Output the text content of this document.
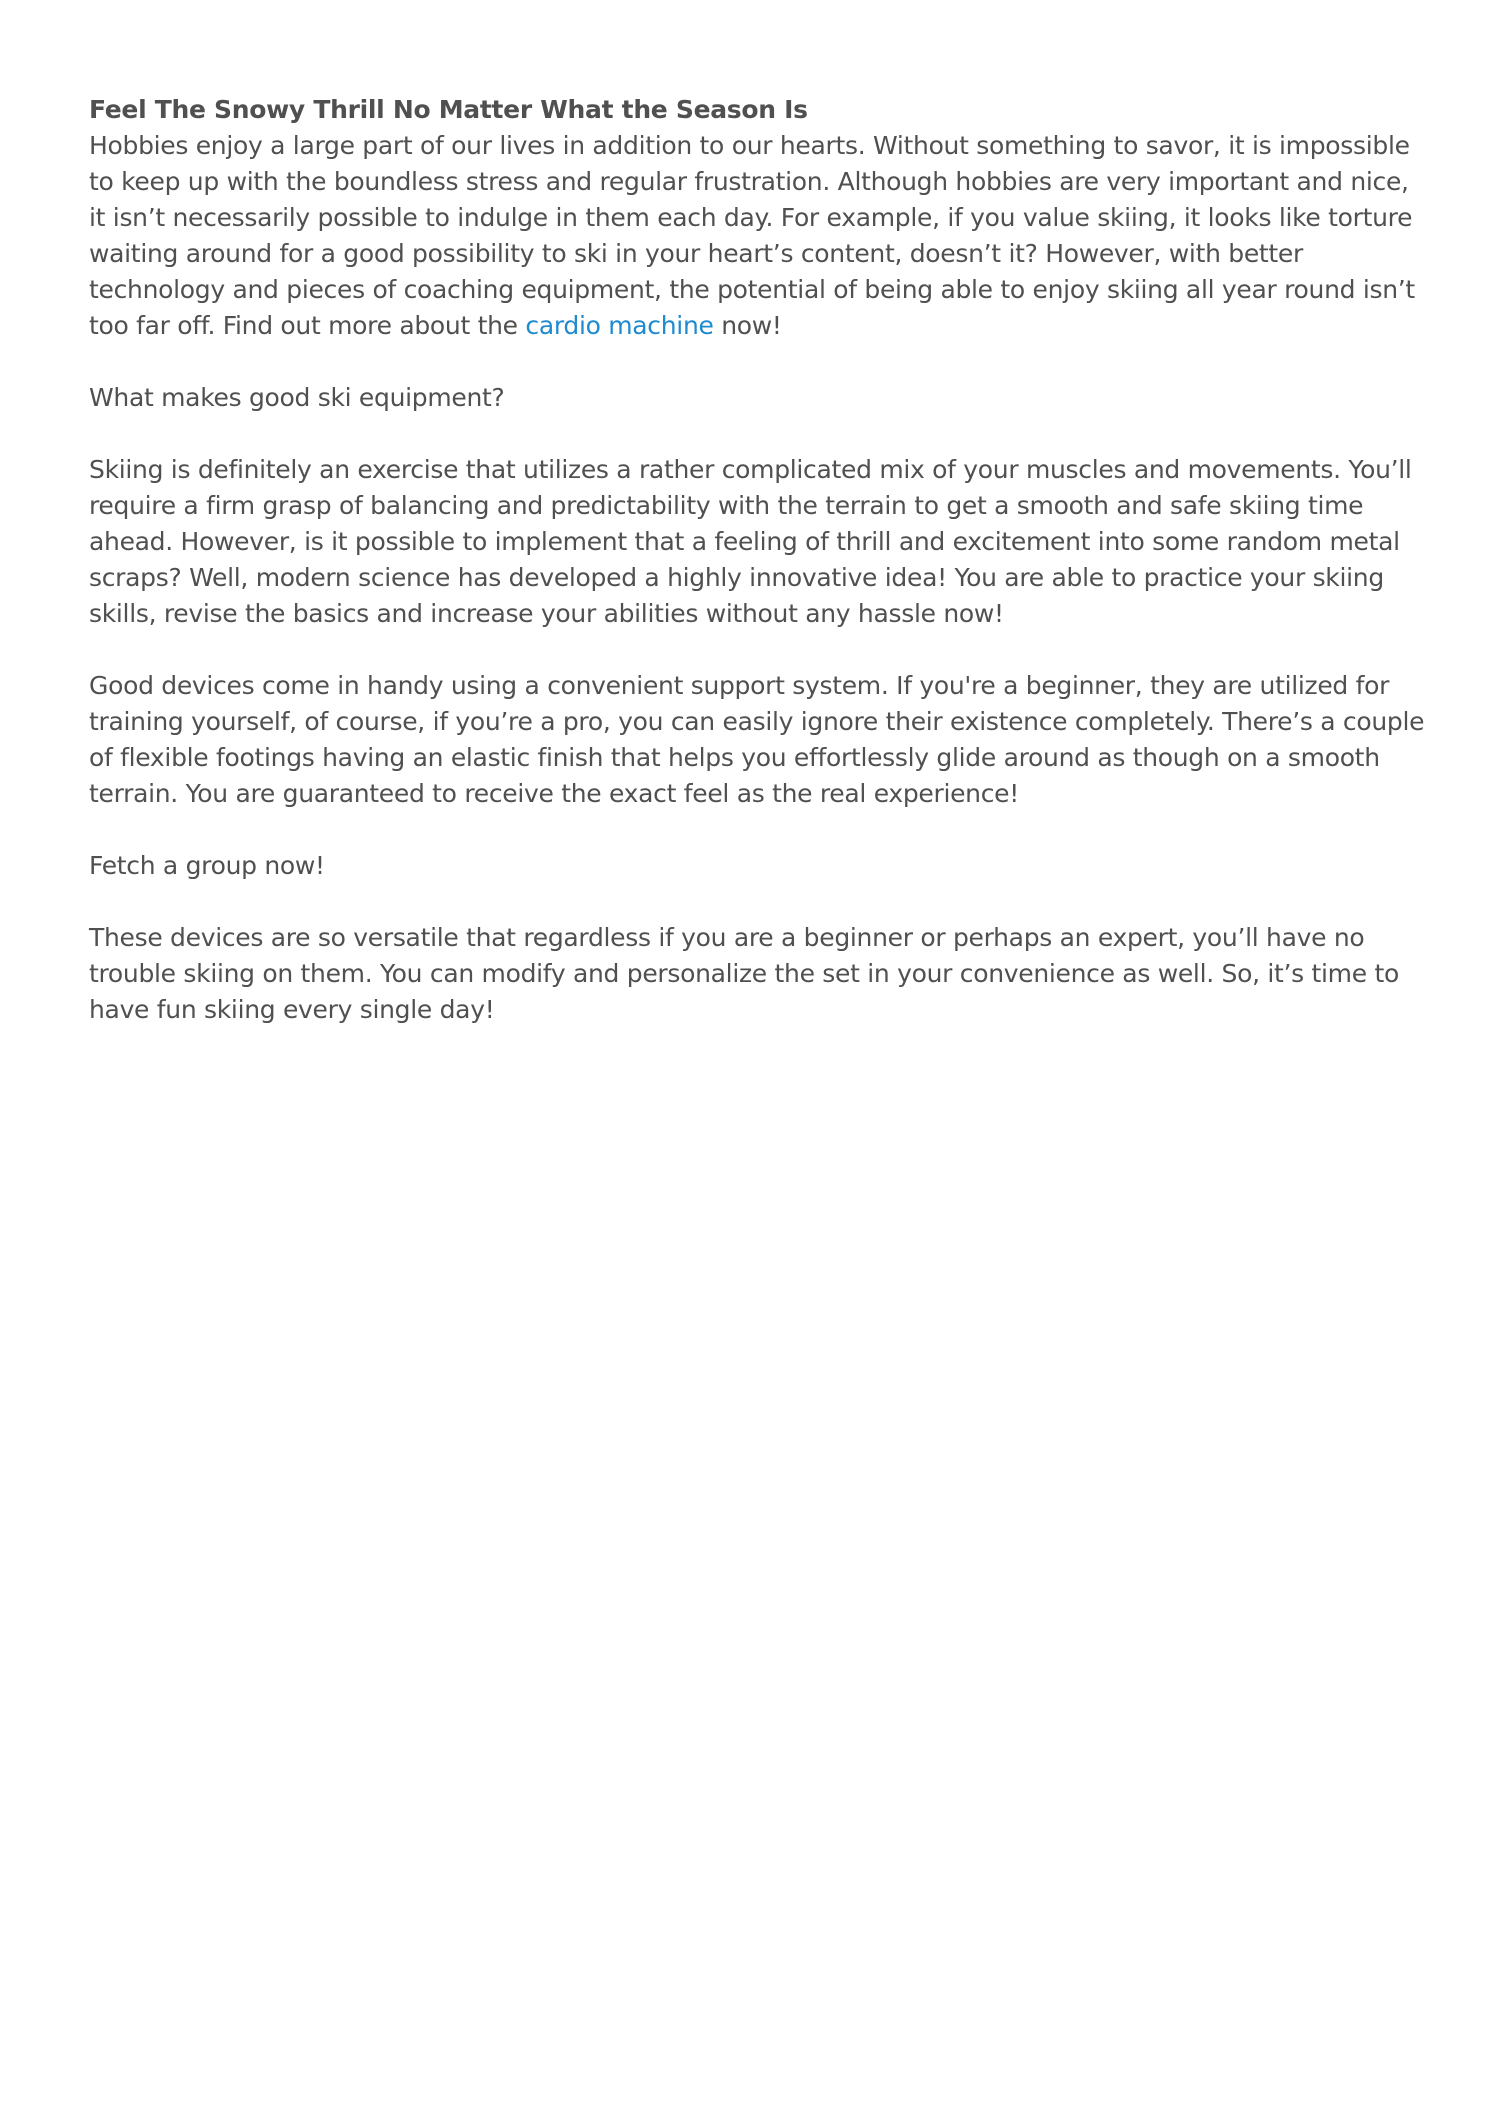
Feel The Snowy Thrill No Matter What the Season Is

Hobbies enjoy a large part of our lives in addition to our hearts. Without something to savor, it is impossible to keep up with the boundless stress and regular frustration. Although hobbies are very important and nice, it isn’t necessarily possible to indulge in them each day. For example, if you value skiing, it looks like torture waiting around for a good possibility to ski in your heart’s content, doesn’t it? However, with better technology and pieces of coaching equipment, the potential of being able to enjoy skiing all year round isn’t too far off. Find out more about the cardio machine now!

What makes good ski equipment?

Skiing is definitely an exercise that utilizes a rather complicated mix of your muscles and movements. You’ll require a firm grasp of balancing and predictability with the terrain to get a smooth and safe skiing time ahead. However, is it possible to implement that a feeling of thrill and excitement into some random metal scraps? Well, modern science has developed a highly innovative idea! You are able to practice your skiing skills, revise the basics and increase your abilities without any hassle now!

Good devices come in handy using a convenient support system. If you're a beginner, they are utilized for training yourself, of course, if you’re a pro, you can easily ignore their existence completely. There’s a couple of flexible footings having an elastic finish that helps you effortlessly glide around as though on a smooth terrain. You are guaranteed to receive the exact feel as the real experience!

Fetch a group now!

These devices are so versatile that regardless if you are a beginner or perhaps an expert, you’ll have no trouble skiing on them. You can modify and personalize the set in your convenience as well. So, it’s time to have fun skiing every single day!
